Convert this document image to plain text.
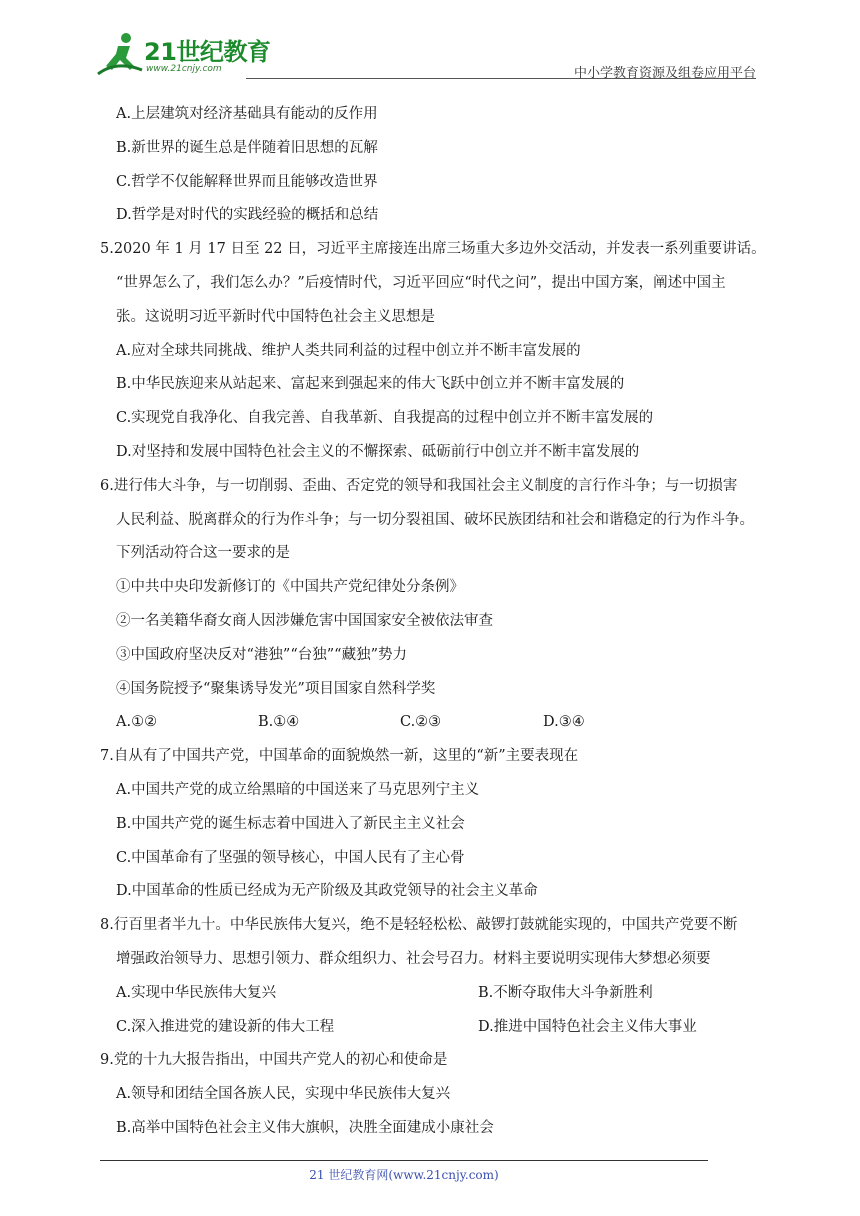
21世纪教育
www.21cnjy.com	中小学教育资源及组卷应用平台
A.上层建筑对经济基础具有能动的反作用
B.新世界的诞生总是伴随着旧思想的瓦解
C.哲学不仅能解释世界而且能够改造世界
D.哲学是对时代的实践经验的概括和总结
5.2020 年 1 月 17 日至 22 日，习近平主席接连出席三场重大多边外交活动，并发表一系列重要讲话。
“世界怎么了，我们怎么办？”后疫情时代，习近平回应“时代之问”，提出中国方案，阐述中国主
张。这说明习近平新时代中国特色社会主义思想是
A.应对全球共同挑战、维护人类共同利益的过程中创立并不断丰富发展的
B.中华民族迎来从站起来、富起来到强起来的伟大飞跃中创立并不断丰富发展的
C.实现党自我净化、自我完善、自我革新、自我提高的过程中创立并不断丰富发展的
D.对坚持和发展中国特色社会主义的不懈探索、砥砺前行中创立并不断丰富发展的
6.进行伟大斗争，与一切削弱、歪曲、否定党的领导和我国社会主义制度的言行作斗争；与一切损害
人民利益、脱离群众的行为作斗争；与一切分裂祖国、破坏民族团结和社会和谐稳定的行为作斗争。
下列活动符合这一要求的是
①中共中央印发新修订的《中国共产党纪律处分条例》
②一名美籍华裔女商人因涉嫌危害中国国家安全被依法审查
③中国政府坚决反对“港独”“台独”“藏独”势力
④国务院授予“聚集诱导发光”项目国家自然科学奖
A.①②	B.①④	C.②③	D.③④
7.自从有了中国共产党，中国革命的面貌焕然一新，这里的“新”主要表现在
A.中国共产党的成立给黑暗的中国送来了马克思列宁主义
B.中国共产党的诞生标志着中国进入了新民主主义社会
C.中国革命有了坚强的领导核心，中国人民有了主心骨
D.中国革命的性质已经成为无产阶级及其政党领导的社会主义革命
8.行百里者半九十。中华民族伟大复兴，绝不是轻轻松松、敲锣打鼓就能实现的，中国共产党要不断
增强政治领导力、思想引领力、群众组织力、社会号召力。材料主要说明实现伟大梦想必须要
A.实现中华民族伟大复兴	B.不断夺取伟大斗争新胜利
C.深入推进党的建设新的伟大工程	D.推进中国特色社会主义伟大事业
9.党的十九大报告指出，中国共产党人的初心和使命是
A.领导和团结全国各族人民，实现中华民族伟大复兴
B.高举中国特色社会主义伟大旗帜，决胜全面建成小康社会
21 世纪教育网(www.21cnjy.com)
